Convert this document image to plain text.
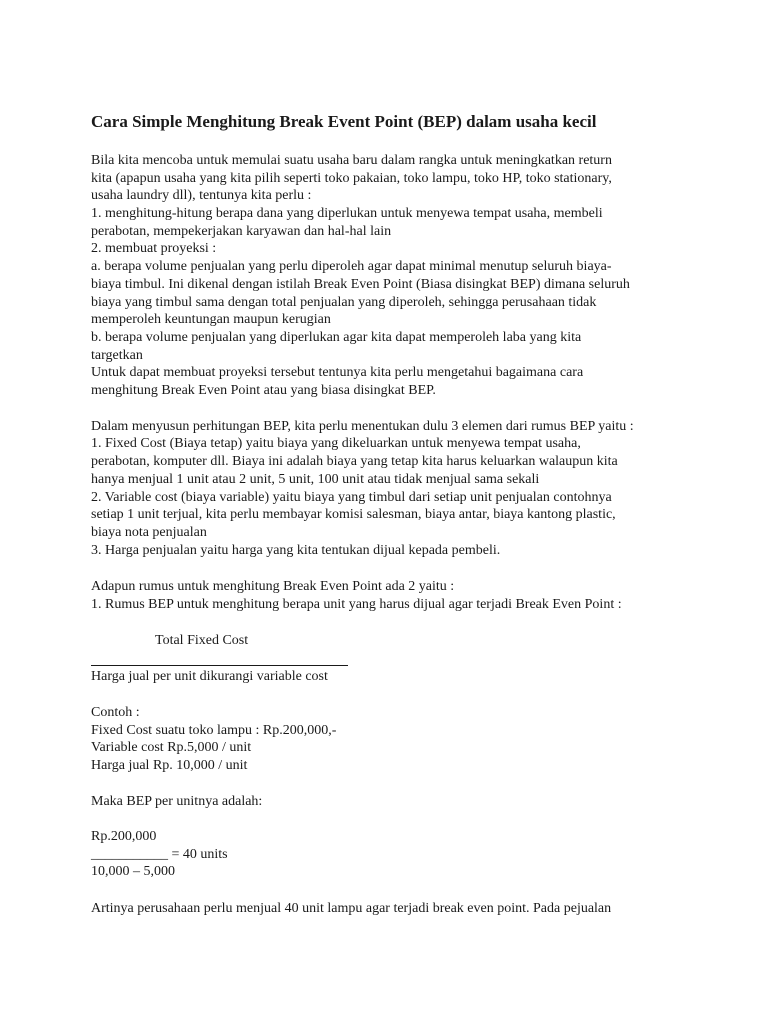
Cara Simple Menghitung Break Event Point (BEP) dalam usaha kecil
Bila kita mencoba untuk memulai suatu usaha baru dalam rangka untuk meningkatkan return
kita (apapun usaha yang kita pilih seperti toko pakaian, toko lampu, toko HP, toko stationary,
usaha laundry dll), tentunya kita perlu :
1. menghitung-hitung berapa dana yang diperlukan untuk menyewa tempat usaha, membeli
perabotan, mempekerjakan karyawan dan hal-hal lain
2. membuat proyeksi :
a. berapa volume penjualan yang perlu diperoleh agar dapat minimal menutup seluruh biaya-
biaya timbul. Ini dikenal dengan istilah Break Even Point (Biasa disingkat BEP) dimana seluruh
biaya yang timbul sama dengan total penjualan yang diperoleh, sehingga perusahaan tidak
memperoleh keuntungan maupun kerugian
b. berapa volume penjualan yang diperlukan agar kita dapat memperoleh laba yang kita
targetkan
Untuk dapat membuat proyeksi tersebut tentunya kita perlu mengetahui bagaimana cara
menghitung Break Even Point atau yang biasa disingkat BEP.
Dalam menyusun perhitungan BEP, kita perlu menentukan dulu 3 elemen dari rumus BEP yaitu :
1. Fixed Cost (Biaya tetap) yaitu biaya yang dikeluarkan untuk menyewa tempat usaha,
perabotan, komputer dll. Biaya ini adalah biaya yang tetap kita harus keluarkan walaupun kita
hanya menjual 1 unit atau 2 unit, 5 unit, 100 unit atau tidak menjual sama sekali
2. Variable cost (biaya variable) yaitu biaya yang timbul dari setiap unit penjualan contohnya
setiap 1 unit terjual, kita perlu membayar komisi salesman, biaya antar, biaya kantong plastic,
biaya nota penjualan
3. Harga penjualan yaitu harga yang kita tentukan dijual kepada pembeli.
Adapun rumus untuk menghitung Break Even Point ada 2 yaitu :
1. Rumus BEP untuk menghitung berapa unit yang harus dijual agar terjadi Break Even Point :
Total Fixed Cost
Harga jual per unit dikurangi variable cost
Contoh :
Fixed Cost suatu toko lampu : Rp.200,000,-
Variable cost Rp.5,000 / unit
Harga jual Rp. 10,000 / unit
Maka BEP per unitnya adalah:
Rp.200,000
___________ = 40 units
10,000 – 5,000
Artinya perusahaan perlu menjual 40 unit lampu agar terjadi break even point. Pada pejualan
